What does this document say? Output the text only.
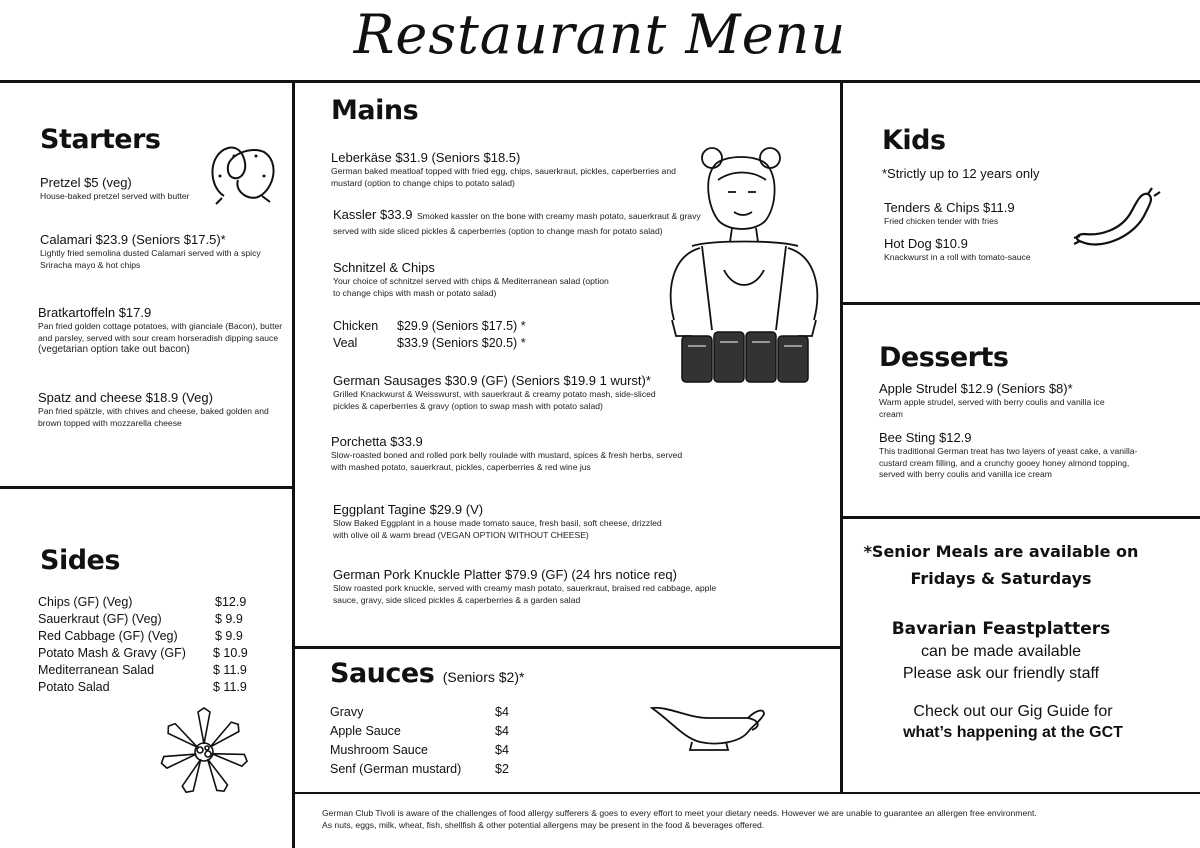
Restaurant Menu
Starters
Pretzel $5 (veg)
House-baked pretzel served with butter
Calamari $23.9 (Seniors $17.5)*
Lightly fried semolina dusted Calamari served with a spicy Sriracha mayo & hot chips
Bratkartoffeln $17.9
Pan fried golden cottage potatoes, with gianciale (Bacon), butter and parsley, served with sour cream horseradish dipping sauce
(vegetarian option take out bacon)
Spatz and cheese $18.9 (Veg)
Pan fried spätzle, with chives and cheese, baked golden and brown topped with mozzarella cheese
Sides
Chips (GF) (Veg)	$12.9
Sauerkraut (GF) (Veg)	$ 9.9
Red Cabbage (GF) (Veg)	$ 9.9
Potato Mash & Gravy (GF) $ 10.9
Mediterranean Salad	$ 11.9
Potato Salad	$ 11.9
Mains
Leberkäse $31.9 (Seniors $18.5)
German baked meatloaf topped with fried egg, chips, sauerkraut, pickles, caperberries and mustard (option to change chips to potato salad)
Kassler $33.9 Smoked kassler on the bone with creamy mash potato, sauerkraut & gravy
served with side sliced pickles & caperberries (option to change mash for potato salad)
Schnitzel & Chips
Your choice of schnitzel served with chips & Mediterranean salad (option to change chips with mash or potato salad)
Chicken $29.9 (Seniors $17.5) *
Veal	$33.9 (Seniors $20.5) *
German Sausages $30.9 (GF) (Seniors $19.9 1 wurst)*
Grilled Knackwurst & Weisswurst, with sauerkraut & creamy potato mash, side-sliced pickles & caperberries & gravy (option to swap mash with potato salad)
Porchetta $33.9
Slow-roasted boned and rolled pork belly roulade with mustard, spices & fresh herbs, served with mashed potato, sauerkraut, pickles, caperberries & red wine jus
Eggplant Tagine $29.9 (V)
Slow Baked Eggplant in a house made tomato sauce, fresh basil, soft cheese, drizzled with olive oil & warm bread (VEGAN OPTION WITHOUT CHEESE)
German Pork Knuckle Platter $79.9 (GF) (24 hrs notice req)
Slow roasted pork knuckle, served with creamy mash potato, sauerkraut, braised red cabbage, apple sauce, gravy, side sliced pickles & caperberries & a garden salad
Sauces (Seniors $2)*
Gravy	$4
Apple Sauce	$4
Mushroom Sauce	$4
Senf (German mustard)	$2
Kids
*Strictly up to 12 years only
Tenders & Chips $11.9
Fried chicken tender with fries
Hot Dog $10.9
Knackwurst in a roll with tomato-sauce
Desserts
Apple Strudel $12.9 (Seniors $8)*
Warm apple strudel, served with berry coulis and vanilla ice cream
Bee Sting $12.9
This traditional German treat has two layers of yeast cake, a vanilla-custard cream filling, and a crunchy gooey honey almond topping, served with berry coulis and vanilla ice cream
*Senior Meals are available on
Fridays & Saturdays
Bavarian Feastplatters
can be made available
Please ask our friendly staff
Check out our Gig Guide for
what’s happening at the GCT
German Club Tivoli is aware of the challenges of food allergy sufferers & goes to every effort to meet your dietary needs. However we are unable to guarantee an allergen free environment.
As nuts, eggs, milk, wheat, fish, shellfish & other potential allergens may be present in the food & beverages offered.
